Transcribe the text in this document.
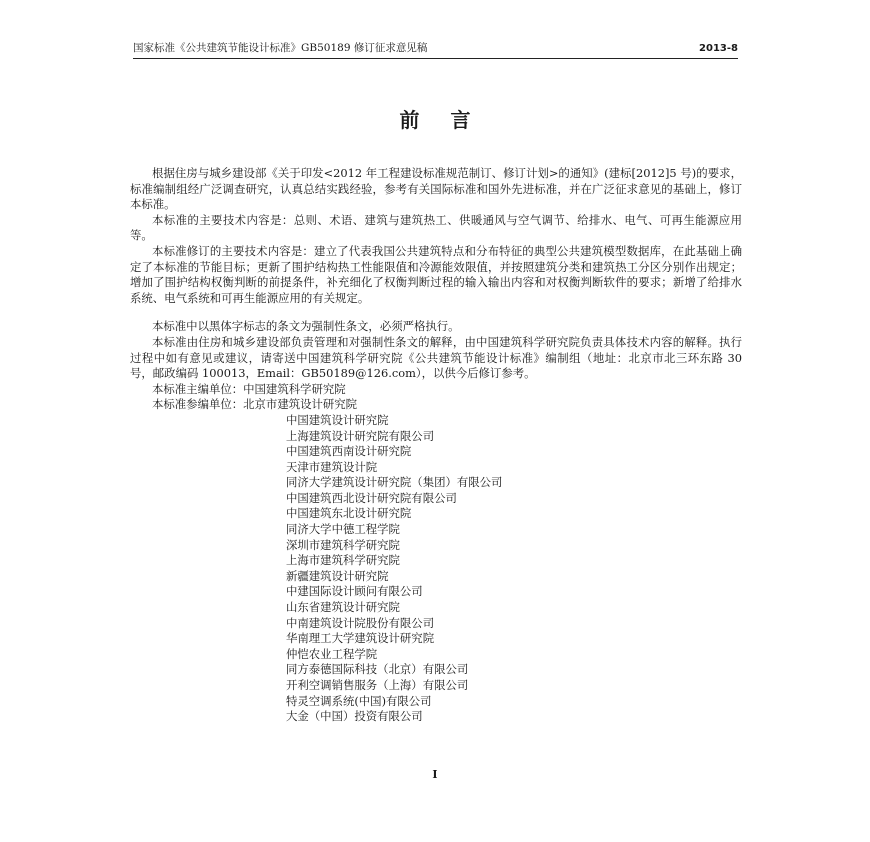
国家标准《公共建筑节能设计标准》GB50189 修订征求意见稿	2013-8
前 言

根据住房与城乡建设部《关于印发<2012 年工程建设标准规范制订、修订计划>的通知》(建标[2012]5 号)的要求，标准编制组经广泛调查研究，认真总结实践经验，参考有关国际标准和国外先进标准，并在广泛征求意见的基础上，修订本标准。

本标准的主要技术内容是：总则、术语、建筑与建筑热工、供暖通风与空气调节、给排水、电气、可再生能源应用等。

本标准修订的主要技术内容是：建立了代表我国公共建筑特点和分布特征的典型公共建筑模型数据库，在此基础上确定了本标准的节能目标；更新了围护结构热工性能限值和冷源能效限值，并按照建筑分类和建筑热工分区分别作出规定；增加了围护结构权衡判断的前提条件，补充细化了权衡判断过程的输入输出内容和对权衡判断软件的要求；新增了给排水系统、电气系统和可再生能源应用的有关规定。

本标准中以黑体字标志的条文为强制性条文，必须严格执行。

本标准由住房和城乡建设部负责管理和对强制性条文的解释，由中国建筑科学研究院负责具体技术内容的解释。执行过程中如有意见或建议，请寄送中国建筑科学研究院《公共建筑节能设计标准》编制组（地址：北京市北三环东路 30 号，邮政编码 100013，Email：GB50189@126.com），以供今后修订参考。

本标准主编单位：中国建筑科学研究院

本标准参编单位：北京市建筑设计研究院

中国建筑设计研究院
上海建筑设计研究院有限公司
中国建筑西南设计研究院
天津市建筑设计院
同济大学建筑设计研究院（集团）有限公司
中国建筑西北设计研究院有限公司
中国建筑东北设计研究院
同济大学中德工程学院
深圳市建筑科学研究院
上海市建筑科学研究院
新疆建筑设计研究院
中建国际设计顾问有限公司
山东省建筑设计研究院
中南建筑设计院股份有限公司
华南理工大学建筑设计研究院
仲恺农业工程学院
同方泰德国际科技（北京）有限公司
开利空调销售服务（上海）有限公司
特灵空调系统(中国)有限公司
大金（中国）投资有限公司
I
